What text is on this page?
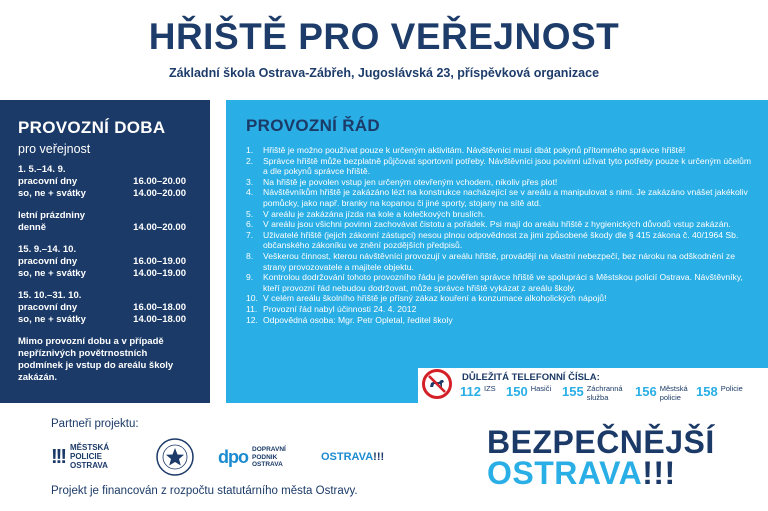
HŘIŠTĚ PRO VEŘEJNOST
Základní škola Ostrava-Zábřeh, Jugoslávská 23, příspěvková organizace
PROVOZNÍ DOBA
pro veřejnost
1. 5.–14. 9.
pracovní dny	16.00–20.00
so, ne + svátky	14.00–20.00
letní prázdniny
denně	14.00–20.00
15. 9.–14. 10.
pracovní dny	16.00–19.00
so, ne + svátky	14.00–19.00
15. 10.–31. 10.
pracovní dny	16.00–18.00
so, ne + svátky	14.00–18.00
Mimo provozní dobu a v případě nepříznivých povětrnostních podmínek je vstup do areálu školy zakázán.
PROVOZNÍ ŘÁD
1.	Hřiště je možno používat pouze k určeným aktivitám. Návštěvníci musí dbát pokynů přítomného správce hřiště!
2.	Správce hřiště může bezplatně půjčovat sportovní potřeby. Návštěvníci jsou povinni užívat tyto potřeby pouze k určeným účelům a dle pokynů správce hřiště.
3.	Na hřiště je povolen vstup jen určeným otevřeným vchodem, nikoliv přes plot!
4.	Návštěvníkům hřiště je zakázáno lézt na konstrukce nacházející se v areálu a manipulovat s nimi. Je zakázáno vnášet jakékoliv pomůcky, jako např. branky na kopanou či jiné sporty, stojany na sítě atd.
5.	V areálu je zakázána jízda na kole a kolečkových bruslích.
6.	V areálu jsou všichni povinni zachovávat čistotu a pořádek. Psi mají do areálu hřiště z hygienických důvodů vstup zakázán.
7.	Uživatelé hřiště (jejich zákonní zástupci) nesou plnou odpovědnost za jimi způsobené škody dle § 415 zákona č. 40/1964 Sb. občanského zákoníku ve znění pozdějších předpisů.
8.	Veškerou činnost, kterou návštěvníci provozují v areálu hřiště, provádějí na vlastní nebezpečí, bez nároku na odškodnění ze strany provozovatele a majitele objektu.
9.	Kontrolou dodržování tohoto provozního řádu je pověřen správce hřiště ve spolupráci s Městskou policií Ostrava. Návštěvníky, kteří provozní řád nebudou dodržovat, může správce hřiště vykázat z areálu školy.
10. V celém areálu školního hřiště je přísný zákaz kouření a konzumace alkoholických nápojů!
11. Provozní řád nabyl účinnosti 24. 4. 2012
12. Odpovědná osoba: Mgr. Petr Opletal, ředitel školy
DŮLEŽITÁ TELEFONNÍ ČÍSLA:
112 IZS 150 Hasiči 155 Záchranná služba	156 Městská policie	158 Policie
Partneři projektu:
!!! MĚSTSKÁ
POLICIE
OSTRAVA	dpo DOPRAVNÍ
PODNIK
OSTRAVA
OSTRAVA!!!
Projekt je financován z rozpočtu statutárního města Ostravy.
BEZPEČNĚJŠÍ
OSTRAVA!!!
